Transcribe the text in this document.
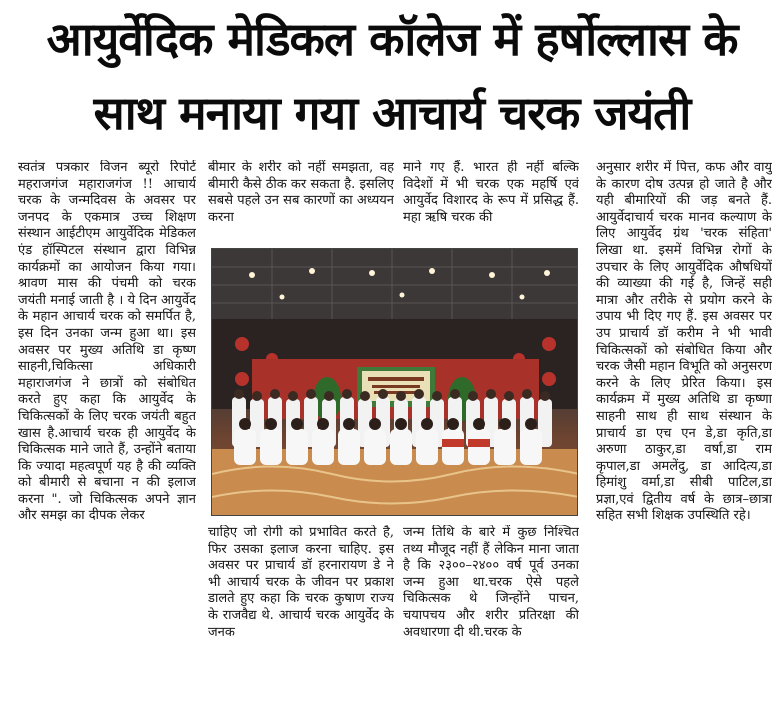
आयुर्वेदिक मेडिकल कॉलेज में हर्षोल्लास के
साथ मनाया गया आचार्य चरक जयंती

स्वतंत्र पत्रकार विजन ब्यूरो रिपोर्ट महराजगंज महाराजगंज !! आचार्य चरक के जन्मदिवस के अवसर पर जनपद के एकमात्र उच्च शिक्षण संस्थान आईटीएम आयुर्वेदिक मेडिकल एंड हॉस्पिटल संस्थान द्वारा विभिन्न कार्यक्रमों का आयोजन किया गया। श्रावण मास की पंचमी को चरक जयंती मनाई जाती है । ये दिन आयुर्वेद के महान आचार्य चरक को समर्पित है, इस दिन उनका जन्म हुआ था। इस अवसर पर मुख्य अतिथि डा कृष्ण साहनी,चिकित्सा अधिकारी महाराजगंज ने छात्रों को संबोधित करते हुए कहा कि आयुर्वेद के चिकित्सकों के लिए चरक जयंती बहुत खास है.आचार्य चरक ही आयुर्वेद के चिकित्सक माने जाते हैं, उन्होंने बताया कि ज्यादा महत्वपूर्ण यह है की व्यक्ति को बीमारी से बचाना न की इलाज करना ". जो चिकित्सक अपने ज्ञान और समझ का दीपक लेकर

बीमार के शरीर को नहीं समझता, वह बीमारी कैसे ठीक कर सकता है. इसलिए सबसे पहले उन सब कारणों का अध्ययन करना

माने गए हैं. भारत ही नहीं बल्कि विदेशों में भी चरक एक महर्षि एवं आयुर्वेद विशारद के रूप में प्रसिद्ध हैं. महा ऋषि चरक की

चाहिए जो रोगी को प्रभावित करते है, फिर उसका इलाज करना चाहिए. इस अवसर पर प्राचार्य डॉ हरनारायण डे ने भी आचार्य चरक के जीवन पर प्रकाश डालते हुए कहा कि चरक कुषाण राज्य के राजवैद्य थे. आचार्य चरक आयुर्वेद के जनक

जन्म तिथि के बारे में कुछ निश्चित तथ्य मौजूद नहीं हैं लेकिन माना जाता है कि २३००–२४०० वर्ष पूर्व उनका जन्म हुआ था.चरक ऐसे पहले चिकित्सक थे जिन्होंने पाचन, चयापचय और शरीर प्रतिरक्षा की अवधारणा दी थी.चरक के

अनुसार शरीर में पित्त, कफ और वायु के कारण दोष उत्पन्न हो जाते है और यही बीमारियों की जड़ बनते हैं. आयुर्वेदाचार्य चरक मानव कल्याण के लिए आयुर्वेद ग्रंथ 'चरक संहिता' लिखा था. इसमें विभिन्न रोगों के उपचार के लिए आयुर्वेदिक औषधियों की व्याख्या की गई है, जिन्हें सही मात्रा और तरीके से प्रयोग करने के उपाय भी दिए गए हैं. इस अवसर पर उप प्राचार्य डॉ करीम ने भी भावी चिकित्सकों को संबोधित किया और चरक जैसी महान विभूति को अनुसरण करने के लिए प्रेरित किया। इस कार्यक्रम में मुख्य अतिथि डा कृष्णा साहनी साथ ही साथ संस्थान के प्राचार्य डा एच एन डे,डा कृति,डा अरुणा ठाकुर,डा वर्षा,डा राम कृपाल,डा अमलेंदु, डा आदित्य,डा हिमांशु वर्मा,डा सीबी पाटिल,डा प्रज्ञा,एवं द्वितीय वर्ष के छात्र–छात्रा सहित सभी शिक्षक उपस्थिति रहे।
